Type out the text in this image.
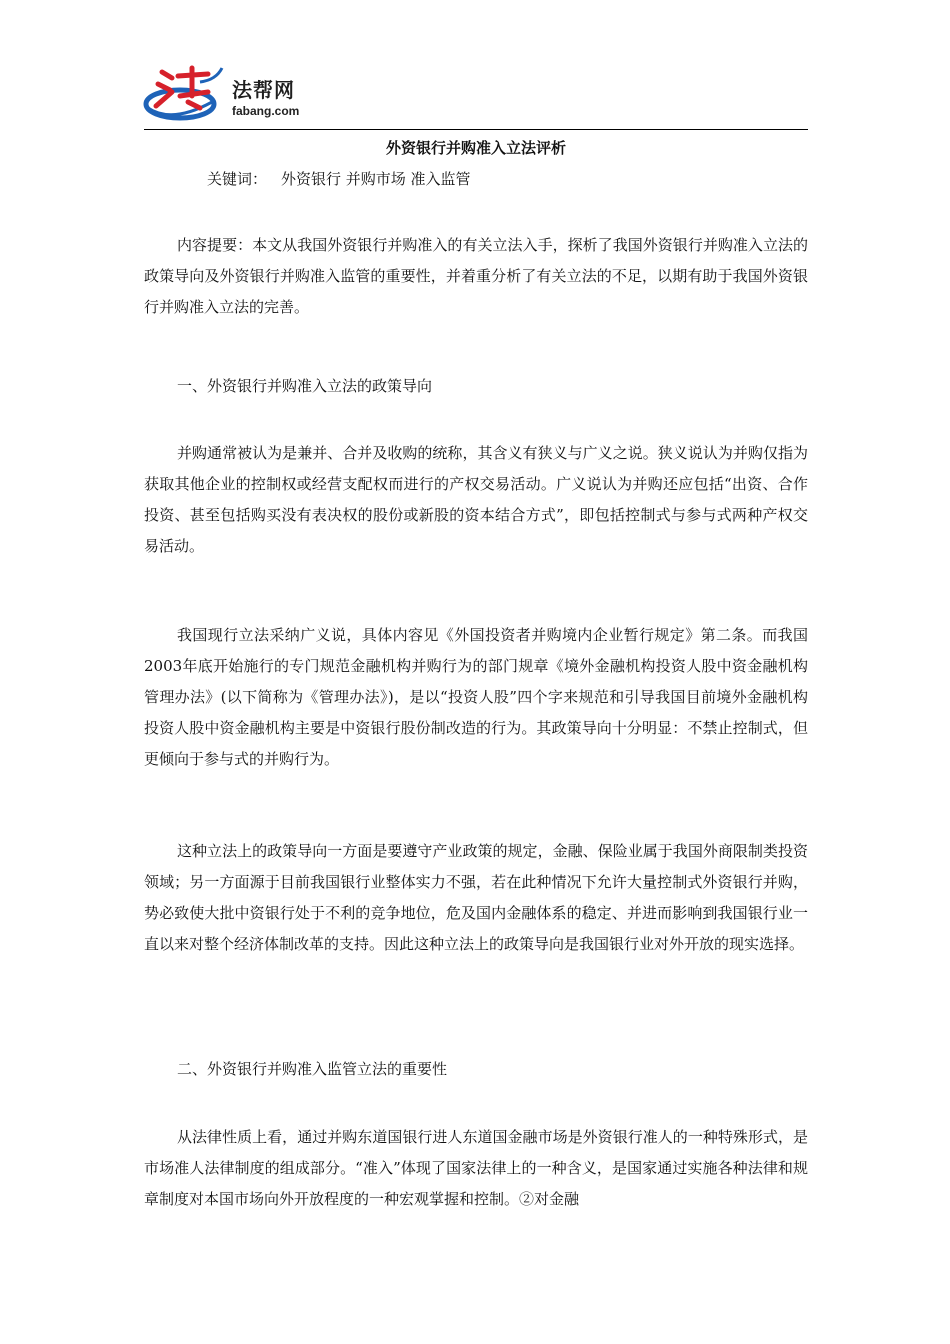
法帮网
fabang.com
外资银行并购准入立法评析
关键词： 外资银行 并购市场 准入监管
内容提要：本文从我国外资银行并购准入的有关立法入手，探析了我国外资银行并购准入立法的政策导向及外资银行并购准入监管的重要性，并着重分析了有关立法的不足，以期有助于我国外资银行并购准入立法的完善。
一、外资银行并购准入立法的政策导向
并购通常被认为是兼并、合并及收购的统称，其含义有狭义与广义之说。狭义说认为并购仅指为获取其他企业的控制权或经营支配权而进行的产权交易活动。广义说认为并购还应包括“出资、合作投资、甚至包括购买没有表决权的股份或新股的资本结合方式”，即包括控制式与参与式两种产权交易活动。
我国现行立法采纳广义说，具体内容见《外国投资者并购境内企业暂行规定》第二条。而我国2003年底开始施行的专门规范金融机构并购行为的部门规章《境外金融机构投资人股中资金融机构管理办法》(以下简称为《管理办法》)，是以“投资人股”四个字来规范和引导我国目前境外金融机构投资人股中资金融机构主要是中资银行股份制改造的行为。其政策导向十分明显：不禁止控制式，但更倾向于参与式的并购行为。
这种立法上的政策导向一方面是要遵守产业政策的规定，金融、保险业属于我国外商限制类投资领域；另一方面源于目前我国银行业整体实力不强，若在此种情况下允许大量控制式外资银行并购，势必致使大批中资银行处于不利的竞争地位，危及国内金融体系的稳定、并进而影响到我国银行业一直以来对整个经济体制改革的支持。因此这种立法上的政策导向是我国银行业对外开放的现实选择。
二、外资银行并购准入监管立法的重要性
从法律性质上看，通过并购东道国银行进人东道国金融市场是外资银行准人的一种特殊形式，是市场准人法律制度的组成部分。“准入”体现了国家法律上的一种含义，是国家通过实施各种法律和规章制度对本国市场向外开放程度的一种宏观掌握和控制。②对金融
